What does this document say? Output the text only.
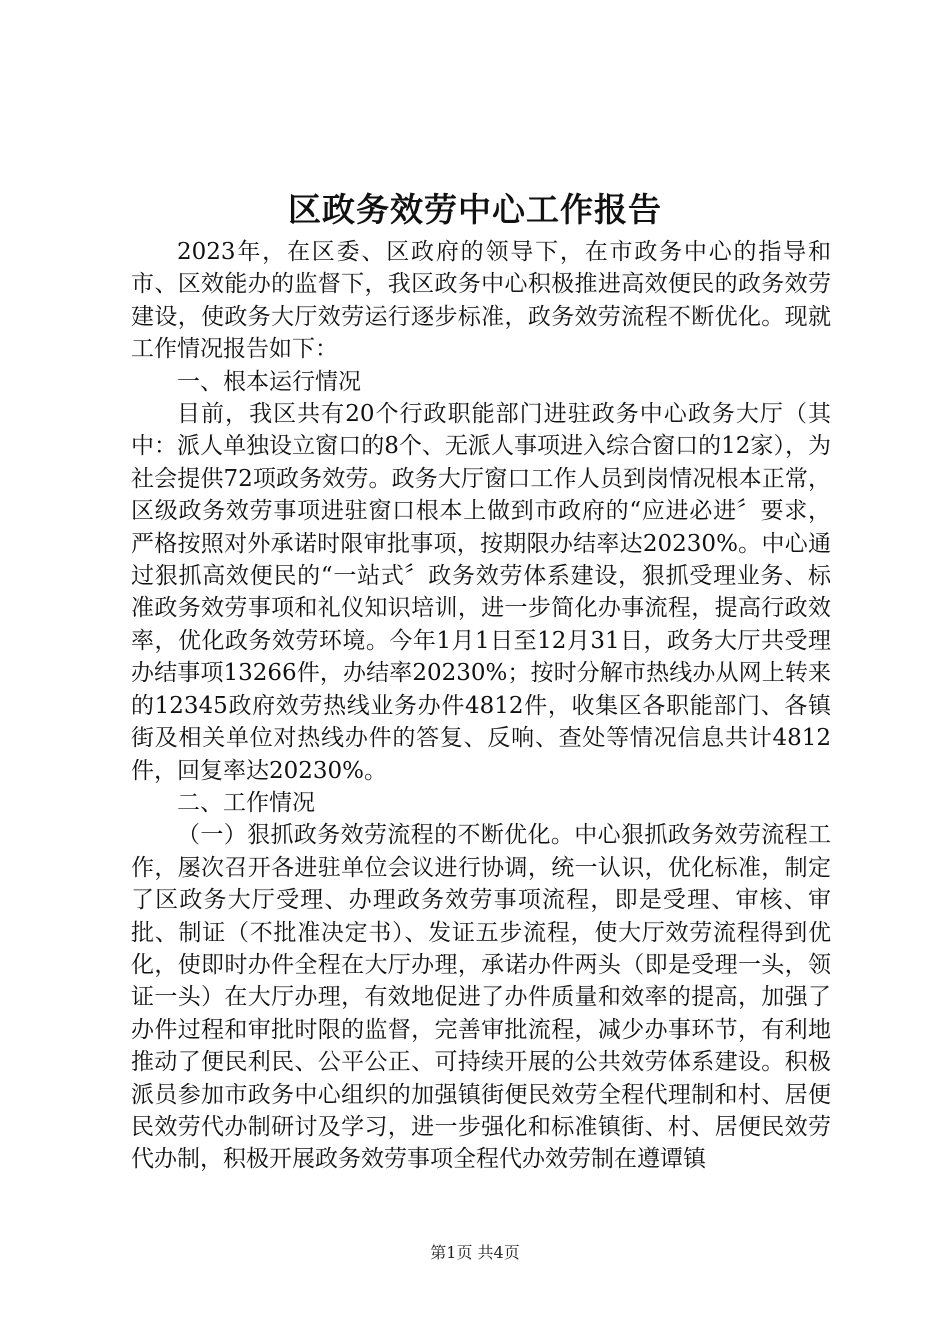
区政务效劳中心工作报告

2023年，在区委、区政府的领导下，在市政务中心的指导和市、区效能办的监督下，我区政务中心积极推进高效便民的政务效劳建设，使政务大厅效劳运行逐步标准，政务效劳流程不断优化。现就工作情况报告如下：

一、根本运行情况

目前，我区共有20个行政职能部门进驻政务中心政务大厅（其中：派人单独设立窗口的8个、无派人事项进入综合窗口的12家），为社会提供72项政务效劳。政务大厅窗口工作人员到岗情况根本正常，区级政务效劳事项进驻窗口根本上做到市政府的“应进必进〞要求，严格按照对外承诺时限审批事项，按期限办结率达20230%。中心通过狠抓高效便民的“一站式〞政务效劳体系建设，狠抓受理业务、标准政务效劳事项和礼仪知识培训，进一步简化办事流程，提高行政效率，优化政务效劳环境。今年1月1日至12月31日，政务大厅共受理办结事项13266件，办结率20230%；按时分解市热线办从网上转来的12345政府效劳热线业务办件4812件，收集区各职能部门、各镇街及相关单位对热线办件的答复、反响、查处等情况信息共计4812件，回复率达20230%。

二、工作情况

（一）狠抓政务效劳流程的不断优化。中心狠抓政务效劳流程工作，屡次召开各进驻单位会议进行协调，统一认识，优化标准，制定了区政务大厅受理、办理政务效劳事项流程，即是受理、审核、审批、制证（不批准决定书）、发证五步流程，使大厅效劳流程得到优化，使即时办件全程在大厅办理，承诺办件两头（即是受理一头，领证一头）在大厅办理，有效地促进了办件质量和效率的提高，加强了办件过程和审批时限的监督，完善审批流程，减少办事环节，有利地推动了便民利民、公平公正、可持续开展的公共效劳体系建设。积极派员参加市政务中心组织的加强镇街便民效劳全程代理制和村、居便民效劳代办制研讨及学习，进一步强化和标准镇街、村、居便民效劳代办制，积极开展政务效劳事项全程代办效劳制在遵谭镇

第1页 共4页
